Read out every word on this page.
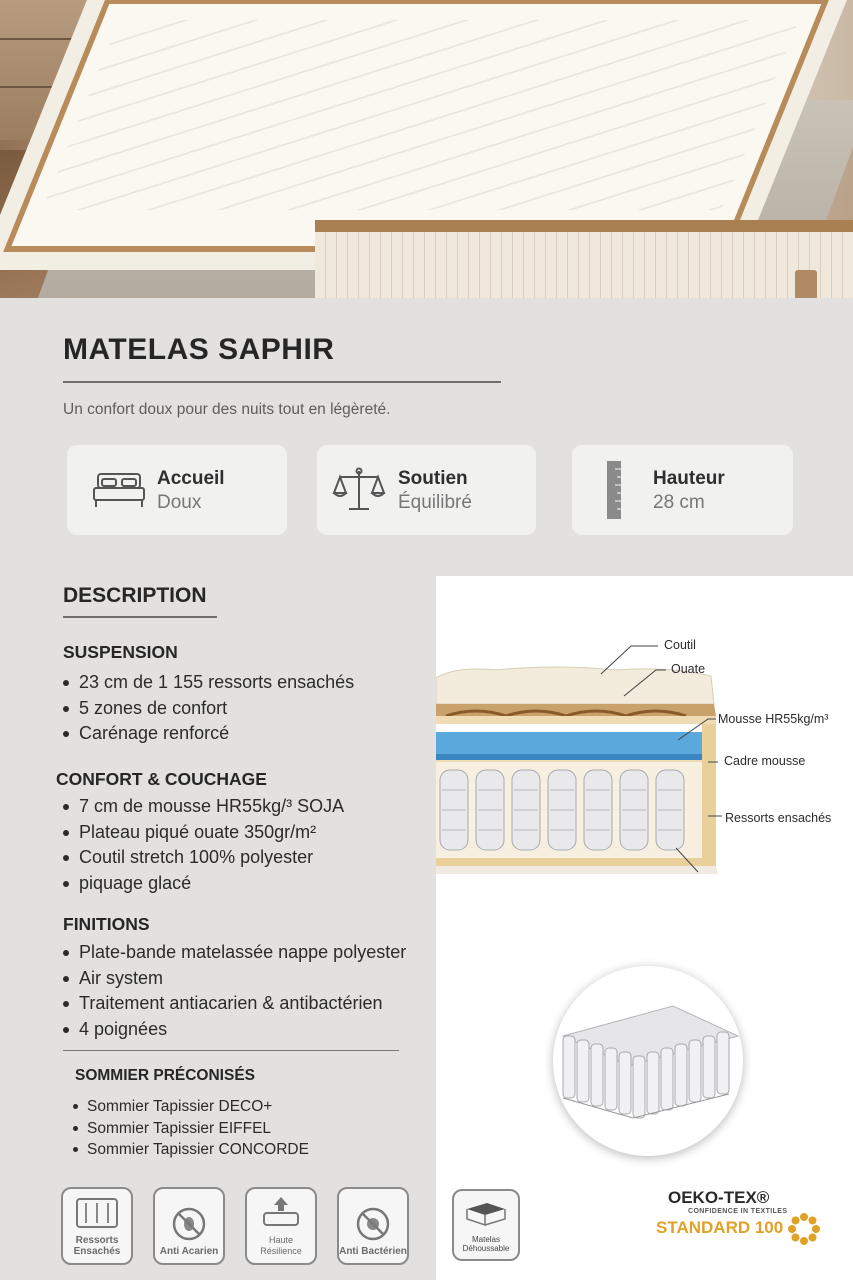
MATELAS SAPHIR
Un confort doux pour des nuits tout en légèreté.
Accueil
Doux
Soutien
Équilibré
Hauteur
28 cm
DESCRIPTION
SUSPENSION
23 cm de 1 155 ressorts ensachés
5 zones de confort
Carénage renforcé
CONFORT & COUCHAGE
7 cm de mousse HR55kg/³ SOJA
Plateau piqué ouate 350gr/m²
Coutil stretch 100% polyester
piquage glacé
FINITIONS
Plate-bande matelassée nappe polyester
Air system
Traitement antiacarien & antibactérien
4 poignées
SOMMIER PRÉCONISÉS
Sommier Tapissier DECO+
Sommier Tapissier EIFFEL
Sommier Tapissier CONCORDE
Coutil
Ouate
Mousse HR55kg/m³
Cadre mousse
Ressorts ensachés
Ressorts Ensachés	Anti Acarien
Haute Résilience	Anti Bactérien
Matelas Déhoussable
OEKO-TEX®
CONFIDENCE IN TEXTILES
STANDARD 100
